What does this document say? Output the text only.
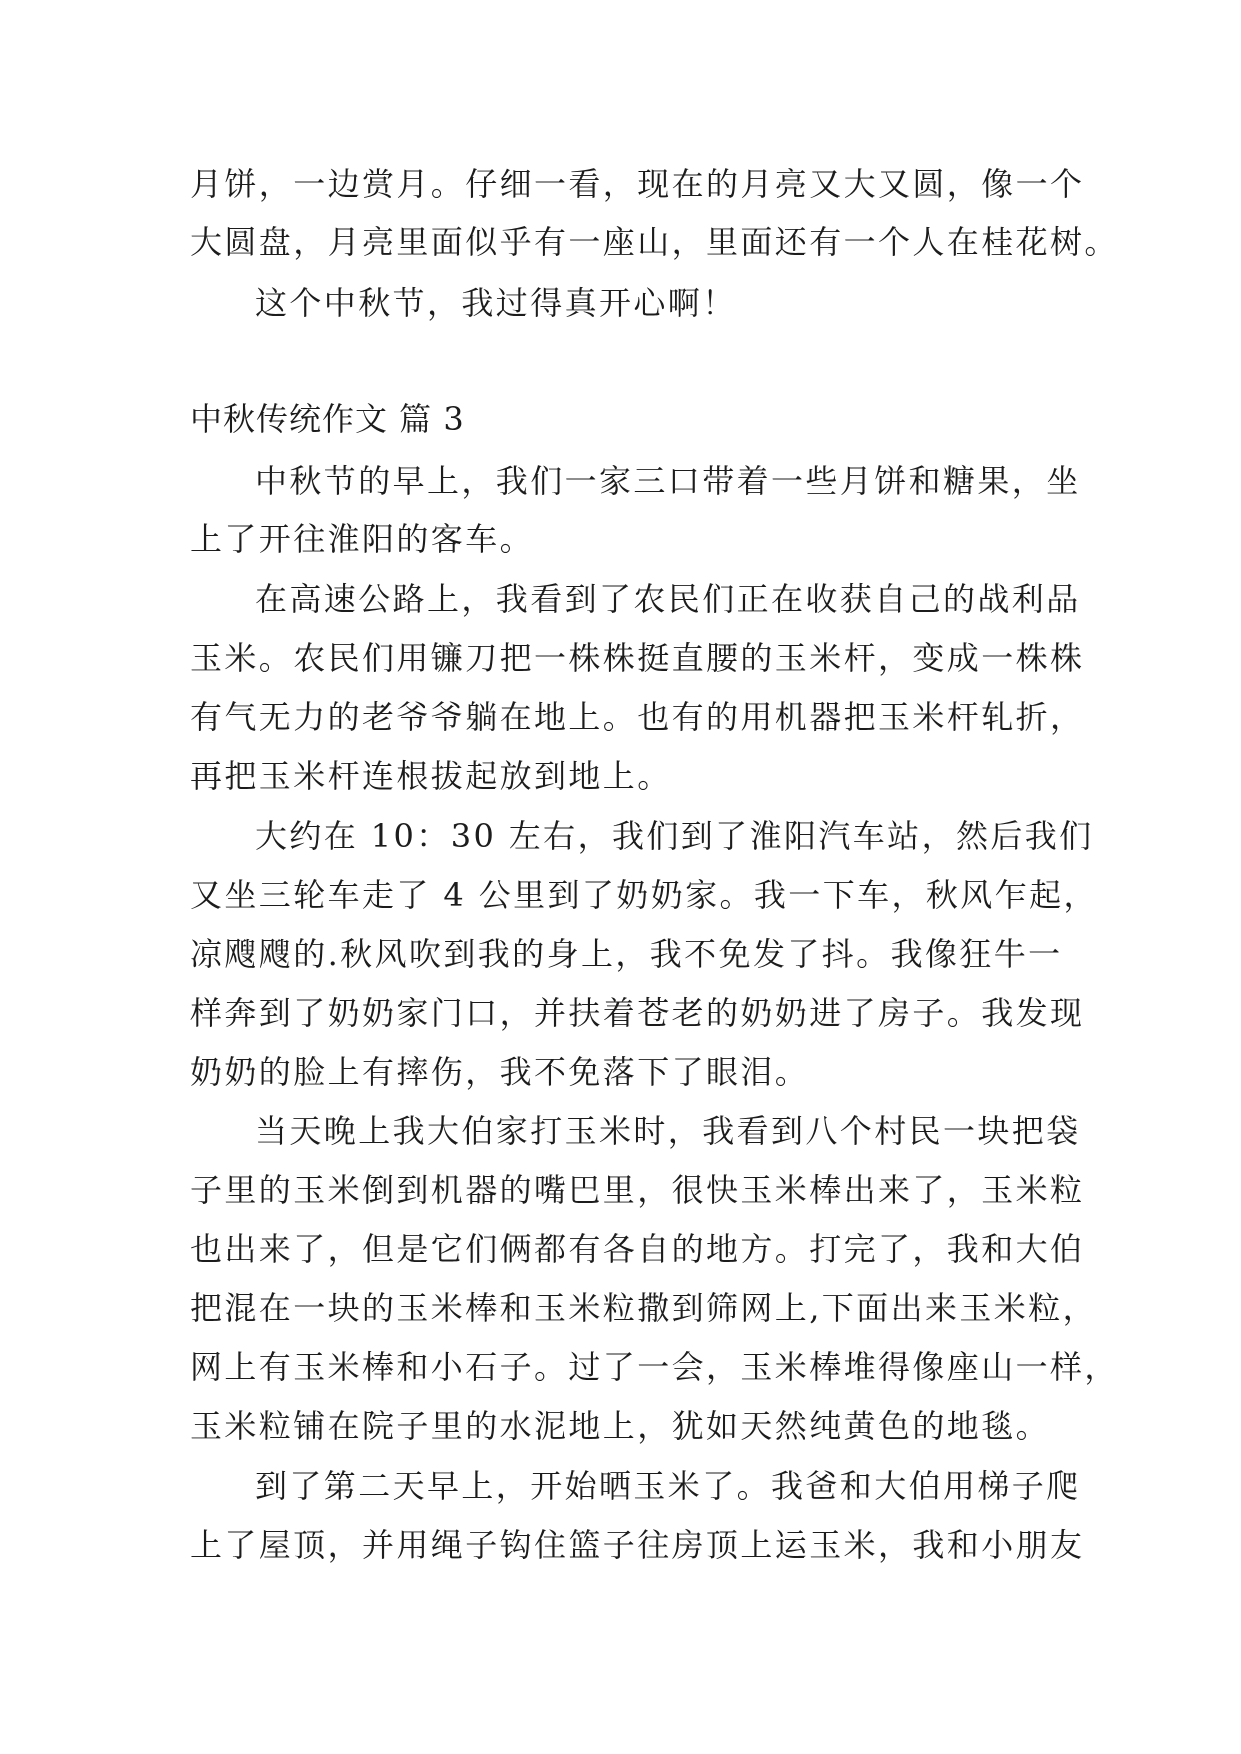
月饼，一边赏月。仔细一看，现在的月亮又大又圆，像一个
大圆盘，月亮里面似乎有一座山，里面还有一个人在桂花树。
这个中秋节，我过得真开心啊！
中秋传统作文 篇 3
中秋节的早上，我们一家三口带着一些月饼和糖果，坐
上了开往淮阳的客车。
在高速公路上，我看到了农民们正在收获自己的战利品
玉米。农民们用镰刀把一株株挺直腰的玉米杆，变成一株株
有气无力的老爷爷躺在地上。也有的用机器把玉米杆轧折，
再把玉米杆连根拔起放到地上。
大约在 10：30 左右，我们到了淮阳汽车站，然后我们
又坐三轮车走了 4 公里到了奶奶家。我一下车，秋风乍起，
凉飕飕的.秋风吹到我的身上，我不免发了抖。我像狂牛一
样奔到了奶奶家门口，并扶着苍老的奶奶进了房子。我发现
奶奶的脸上有摔伤，我不免落下了眼泪。
当天晚上我大伯家打玉米时，我看到八个村民一块把袋
子里的玉米倒到机器的嘴巴里，很快玉米棒出来了，玉米粒
也出来了，但是它们俩都有各自的地方。打完了，我和大伯
把混在一块的玉米棒和玉米粒撒到筛网上,下面出来玉米粒，
网上有玉米棒和小石子。过了一会，玉米棒堆得像座山一样，
玉米粒铺在院子里的水泥地上，犹如天然纯黄色的地毯。
到了第二天早上，开始晒玉米了。我爸和大伯用梯子爬
上了屋顶，并用绳子钩住篮子往房顶上运玉米，我和小朋友
